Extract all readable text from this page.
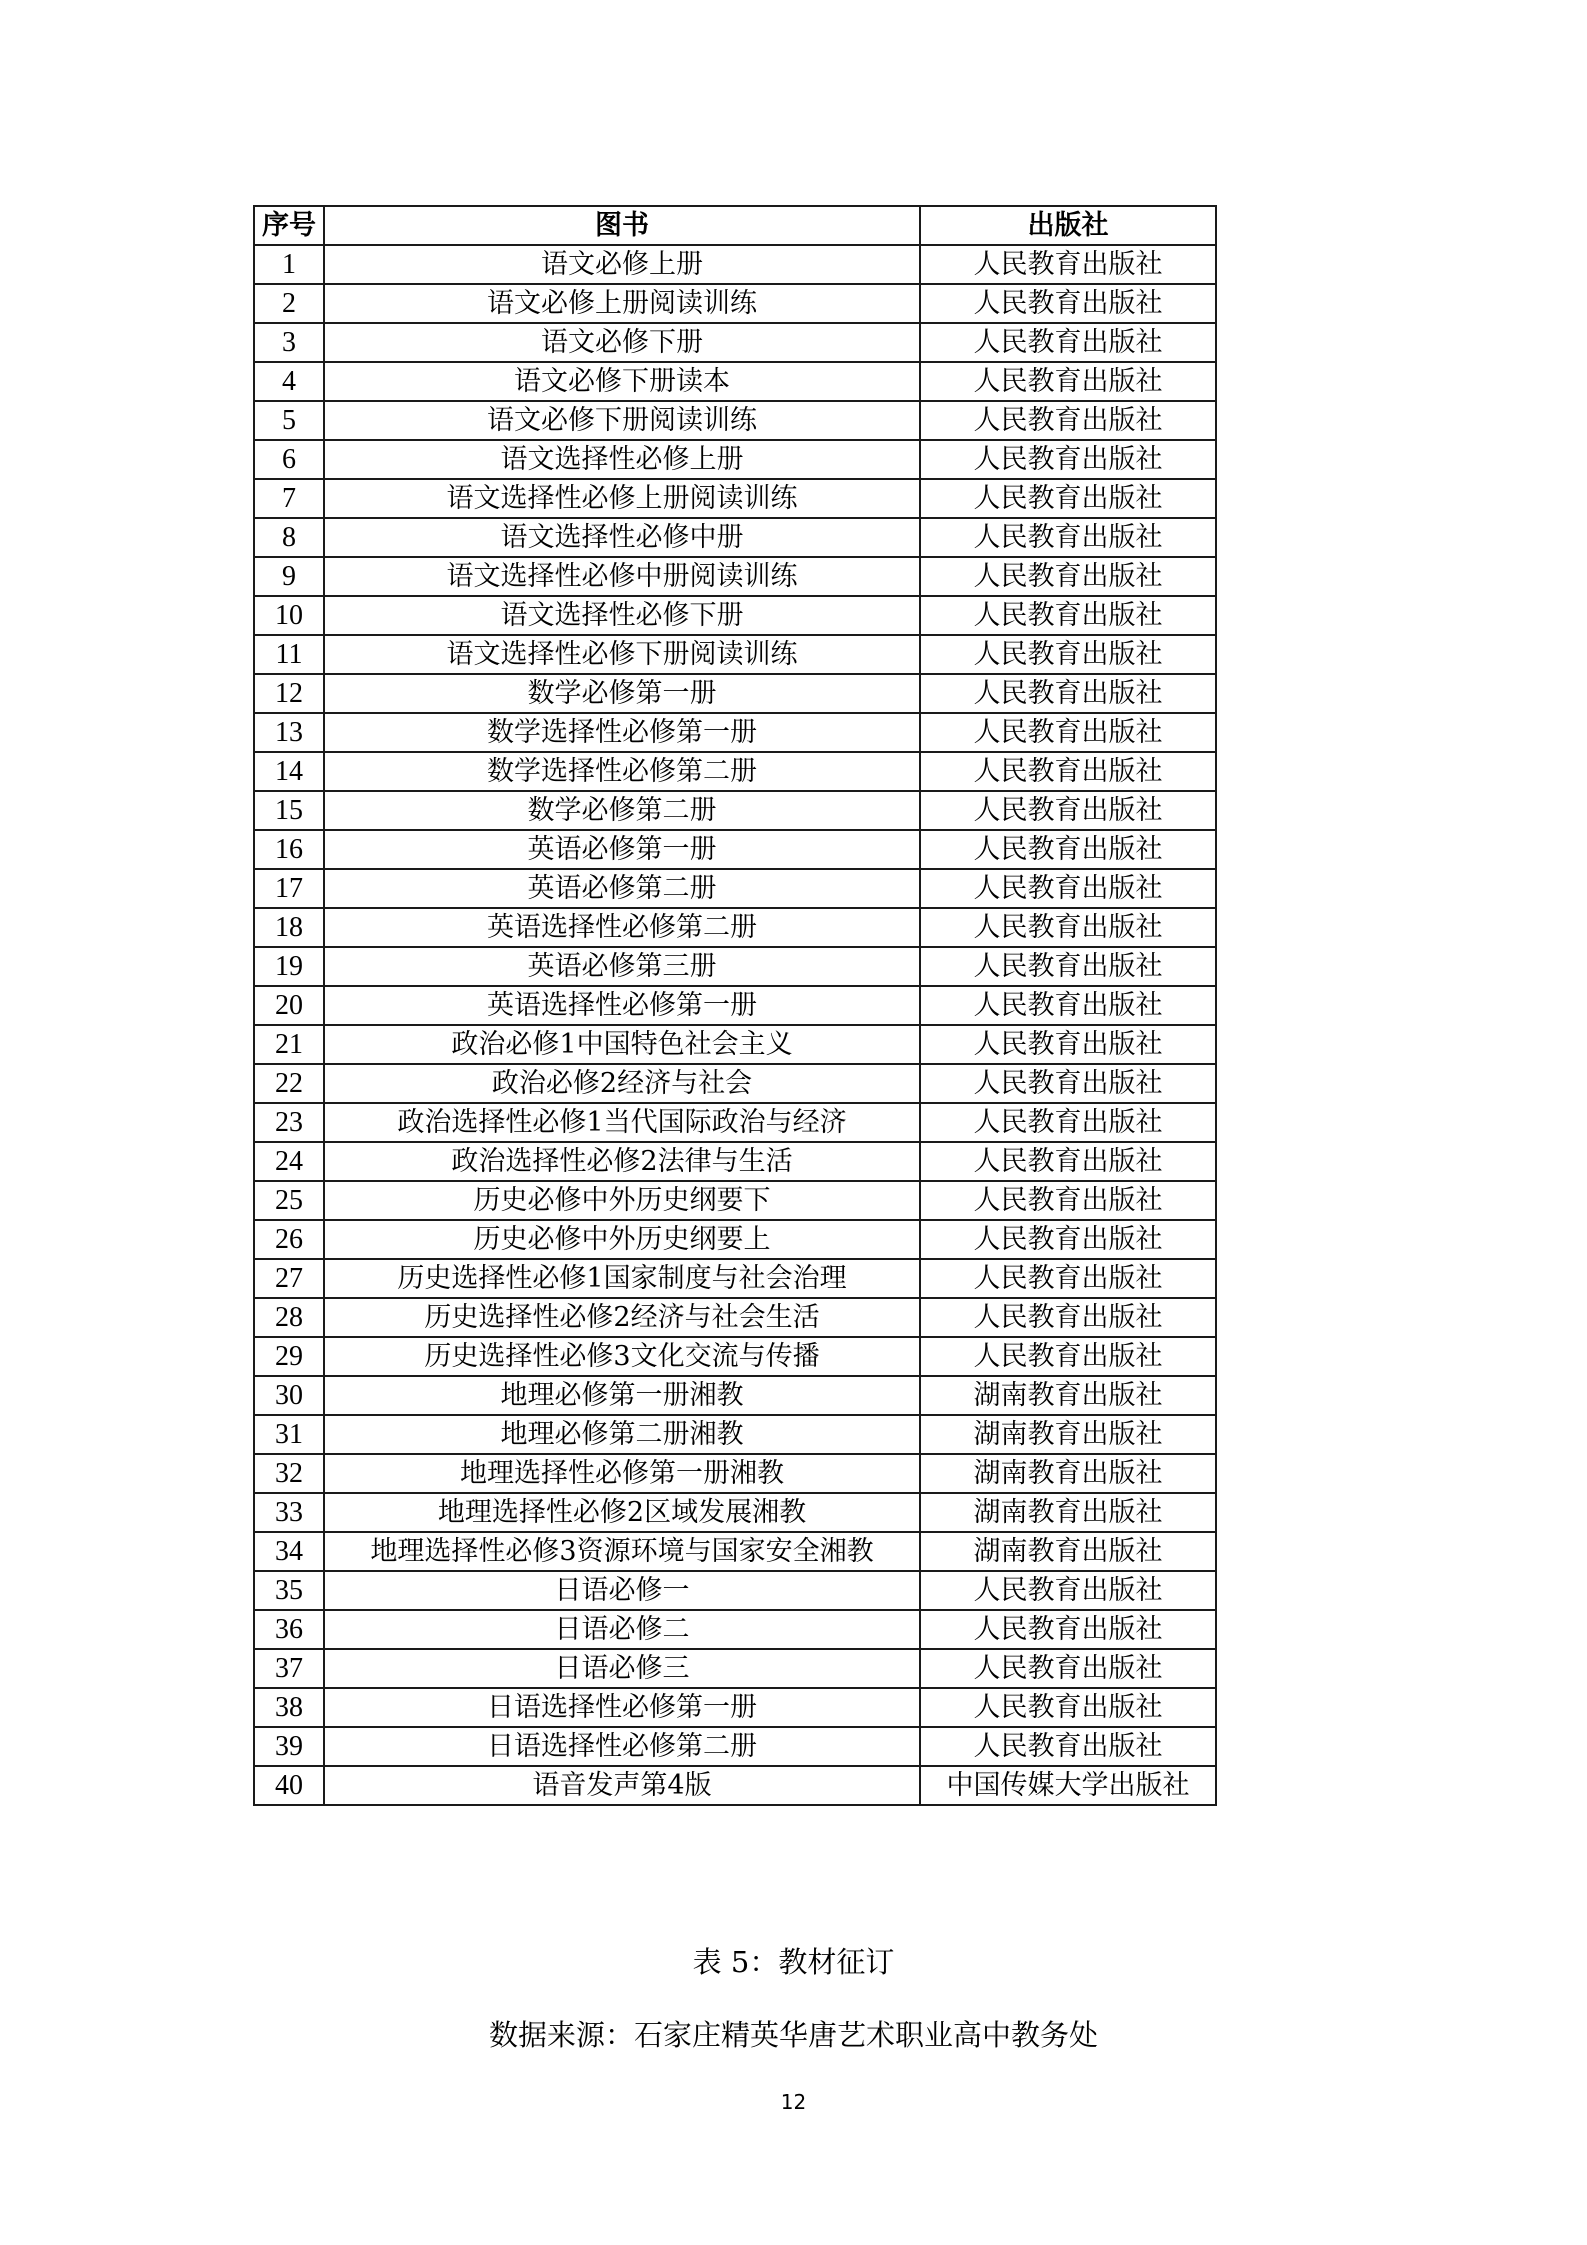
序号	图书	出版社
1	语文必修上册	人民教育出版社
2	语文必修上册阅读训练	人民教育出版社
3	语文必修下册	人民教育出版社
4	语文必修下册读本	人民教育出版社
5	语文必修下册阅读训练	人民教育出版社
6	语文选择性必修上册	人民教育出版社
7	语文选择性必修上册阅读训练	人民教育出版社
8	语文选择性必修中册	人民教育出版社
9	语文选择性必修中册阅读训练	人民教育出版社
10	语文选择性必修下册	人民教育出版社
11	语文选择性必修下册阅读训练	人民教育出版社
12	数学必修第一册	人民教育出版社
13	数学选择性必修第一册	人民教育出版社
14	数学选择性必修第二册	人民教育出版社
15	数学必修第二册	人民教育出版社
16	英语必修第一册	人民教育出版社
17	英语必修第二册	人民教育出版社
18	英语选择性必修第二册	人民教育出版社
19	英语必修第三册	人民教育出版社
20	英语选择性必修第一册	人民教育出版社
21	政治必修1中国特色社会主义	人民教育出版社
22	政治必修2经济与社会	人民教育出版社
23	政治选择性必修1当代国际政治与经济	人民教育出版社
24	政治选择性必修2法律与生活	人民教育出版社
25	历史必修中外历史纲要下	人民教育出版社
26	历史必修中外历史纲要上	人民教育出版社
27	历史选择性必修1国家制度与社会治理	人民教育出版社
28	历史选择性必修2经济与社会生活	人民教育出版社
29	历史选择性必修3文化交流与传播	人民教育出版社
30	地理必修第一册湘教	湖南教育出版社
31	地理必修第二册湘教	湖南教育出版社
32	地理选择性必修第一册湘教	湖南教育出版社
33	地理选择性必修2区域发展湘教	湖南教育出版社
34	地理选择性必修3资源环境与国家安全湘教	湖南教育出版社
35	日语必修一	人民教育出版社
36	日语必修二	人民教育出版社
37	日语必修三	人民教育出版社
38	日语选择性必修第一册	人民教育出版社
39	日语选择性必修第二册	人民教育出版社
40	语音发声第4版	中国传媒大学出版社
表 5：教材征订
数据来源：石家庄精英华唐艺术职业高中教务处
12
